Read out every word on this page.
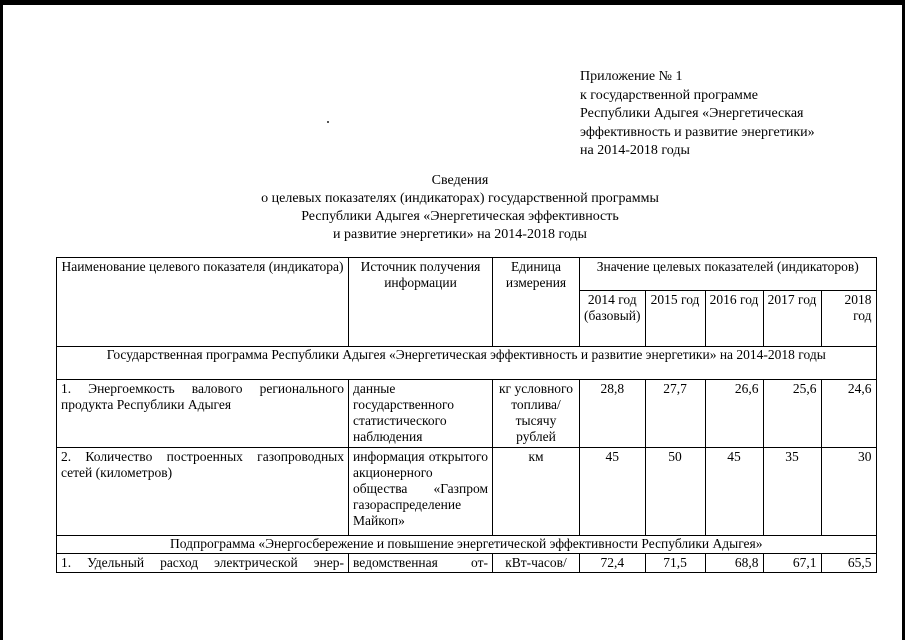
Приложение № 1
к государственной программе
Республики Адыгея «Энергетическая
эффективность и развитие энергетики»
на 2014-2018 годы
Сведения
о целевых показателях (индикаторах) государственной программы
Республики Адыгея «Энергетическая эффективность
и развитие энергетики» на 2014-2018 годы
Наименование целевого показателя (индикатора)	Источник получения информации	Единица измерения	Значение целевых показателей (индикаторов)				
			2014 год (базовый)	2015 год	2016 год	2017 год	2018 год
Государственная программа Республики Адыгея «Энергетическая эффективность и развитие энергетики» на 2014-2018 годы							
1. Энергоемкость валового регионального продукта Республики Адыгея	данные государственного статистического наблюдения	кг условного топлива/ тысячу рублей	28,8	27,7	26,6	25,6	24,6
2. Количество построенных газопроводных сетей (километров)	информация открытого акционерного общества «Газпром газораспределение Майкоп»	км	45	50	45	35	30
Подпрограмма «Энергосбережение и повышение энергетической эффективности Республики Адыгея»							
1. Удельный расход электрической энер-	ведомственная от-	кВт-часов/	72,4	71,5	68,8	67,1	65,5
